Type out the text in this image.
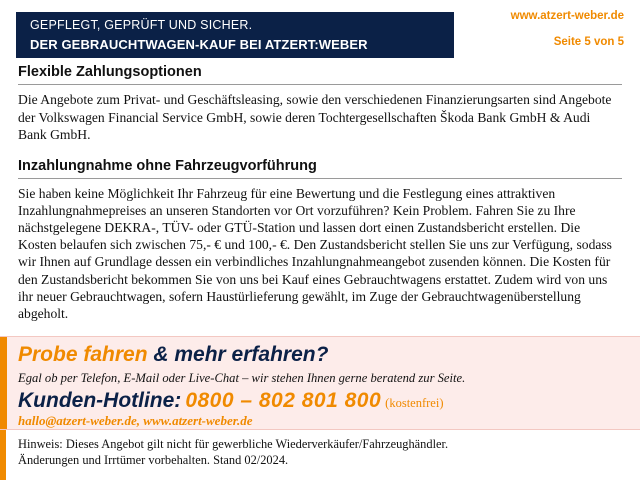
GEPFLEGT, GEPRÜFT UND SICHER.
DER GEBRAUCHTWAGEN-KAUF BEI ATZERT:WEBER
www.atzert-weber.de
Seite 5 von 5
Flexible Zahlungsoptionen

Die Angebote zum Privat- und Geschäftsleasing, sowie den verschiedenen Finanzierungsarten sind Angebote der Volkswagen Financial Service GmbH, sowie deren Tochtergesellschaften Škoda Bank GmbH & Audi Bank GmbH.

Inzahlungnahme ohne Fahrzeugvorführung

Sie haben keine Möglichkeit Ihr Fahrzeug für eine Bewertung und die Festlegung eines attraktiven Inzahlungnahmepreises an unseren Standorten vor Ort vorzuführen? Kein Problem. Fahren Sie zu Ihre nächstgelegene DEKRA-, TÜV- oder GTÜ-Station und lassen dort einen Zustandsbericht erstellen. Die Kosten belaufen sich zwischen 75,- € und 100,- €. Den Zustandsbericht stellen Sie uns zur Verfügung, sodass wir Ihnen auf Grundlage dessen ein verbindliches Inzahlungnahmeangebot zusenden können. Die Kosten für den Zustandsbericht bekommen Sie von uns bei Kauf eines Gebrauchtwagens erstattet. Zudem wird von uns ihr neuer Gebrauchtwagen, sofern Haustürlieferung gewählt, im Zuge der Gebrauchtwagenüberstellung abgeholt.

Probe fahren & mehr erfahren?
Egal ob per Telefon, E-Mail oder Live-Chat – wir stehen Ihnen gerne beratend zur Seite.
Kunden-Hotline: 0800 – 802 801 800 (kostenfrei)
hallo@atzert-weber.de, www.atzert-weber.de
Hinweis: Dieses Angebot gilt nicht für gewerbliche Wiederverkäufer/Fahrzeughändler.
Änderungen und Irrtümer vorbehalten. Stand 02/2024.
